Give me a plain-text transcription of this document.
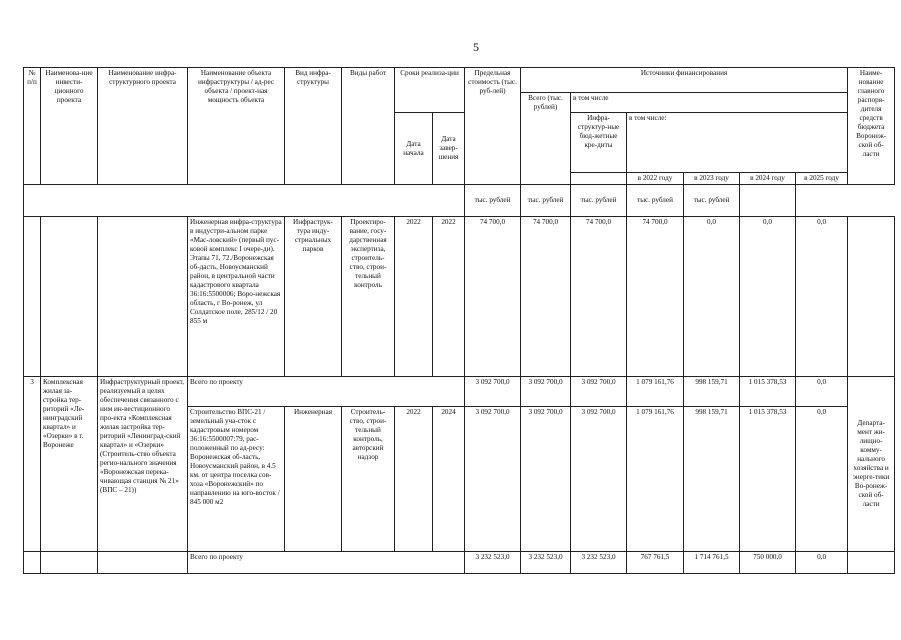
5
№ п/п	Наименова-ние инвести-ционного проекта	Наименование инфра-структурного проекта	Наименование объекта инфраструктуры / ад-рес объекта / проект-ная мощность объекта	Вид инфра-структуры	Виды работ	Сроки реализа-ции		Предельная стоимость (тыс. руб-лей)	Источники финансирования						Наиме-нование главного распоря-дителя средств бюджета Воронеж-ской об-ласти
									Всего (тыс. рублей)	в том числе					
						Дата начала	Дата завер-шения			Инфра-структур-ные бюд-жетные кре-диты	в том числе:				
											в 2022 году	в 2023 году	в 2024 году	в 2025 году	
								тыс. рублей	тыс. рублей	тыс. рублей	тыс. рублей	тыс. рублей			
			Инженерная инфра-структура в индустри-альном парке «Мас-ловский» (первый пус-ковой комплекс I очере-ди). Этапы 71, 72./Воронежская об-дасть, Новоусманский район, в центральной части кадастрового квартала 36:16:5500006; Воро-нежская область, г Во-ронеж, ул Солдатское поле, 285/12 / 20 855 м	Инфраструк-тура инду-стриальных парков	Проектиро-вание, госу-дарственная экспертиза, строитель-ство, строи-тельный контроль	2022	2022	74 700,0	74 700,0	74 700,0	74 700,0	0,0	0,0	0,0	
3	Комплексная жилая за-стройка тер-риторий «Ле-нинградский квартал» и «Озерки» в г. Воронеже	Инфраструктурный проект, реализуемый в целях обеспечения связанного с ним ин-вестиционного про-екта «Комплексная жилая застройка тер-риторий «Ленинград-ский квартал» и «Озерки» (Строитель-ство объекта регио-нального значения «Воронежская перека-чивающая станция № 21» (ВПС – 21))	Всего по проекту					3 092 700,0	3 092 700,0	3 092 700,0	1 079 161,76	998 159,71	1 015 378,53	0,0	Департа-мент жи-лищно-комму-нального хозяйства и энерге-тики Во-ронеж-ской об-ласти
			Строительство ВПС-21 / земельный уча-сток с кадастровым номером 36:16:5500007:79, рас-положенный по ад-ресу: Воронежская об-ласть, Новоусманский район, в 4.5 км. от центра поселка сов-хоза «Воронежский» по направлению на юго-восток / 845 000 м2	Инженерная	Строитель-ство, строи-тельный контроль, авторский надзор	2022	2024	3 092 700,0	3 092 700,0	3 092 700,0	1 079 161,76	998 159,71	1 015 378,53	0,0	
			Всего по проекту					3 232 523,0	3 232 523,0	3 232 523,0	767 761,5	1 714 761,5	750 000,0	0,0	
